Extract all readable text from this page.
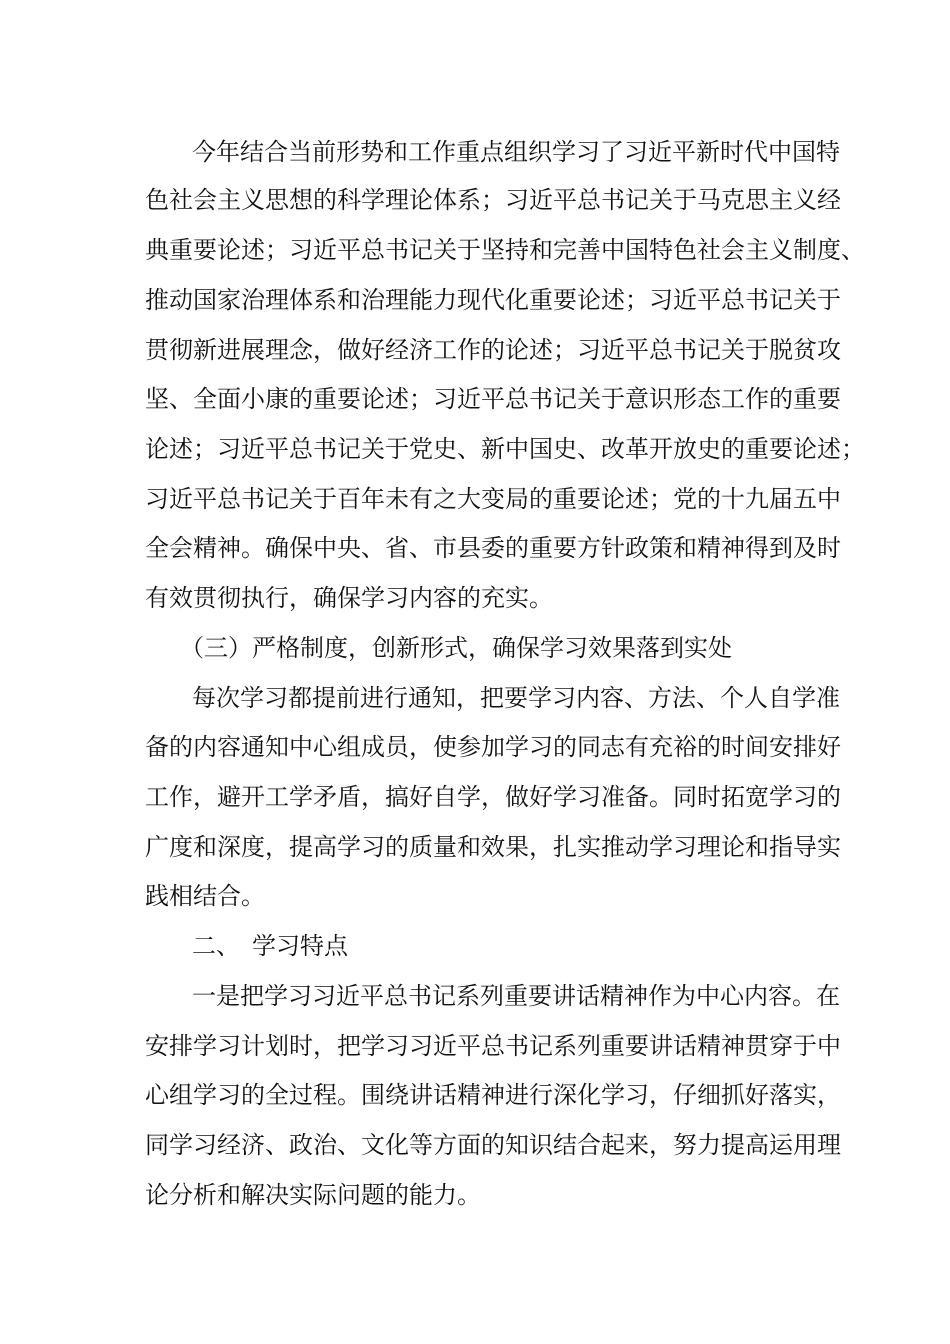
今年结合当前形势和工作重点组织学习了习近平新时代中国特
色社会主义思想的科学理论体系；习近平总书记关于马克思主义经
典重要论述；习近平总书记关于坚持和完善中国特色社会主义制度、
推动国家治理体系和治理能力现代化重要论述；习近平总书记关于
贯彻新进展理念，做好经济工作的论述；习近平总书记关于脱贫攻
坚、全面小康的重要论述；习近平总书记关于意识形态工作的重要
论述；习近平总书记关于党史、新中国史、改革开放史的重要论述；
习近平总书记关于百年未有之大变局的重要论述；党的十九届五中
全会精神。确保中央、省、市县委的重要方针政策和精神得到及时
有效贯彻执行，确保学习内容的充实。
（三）严格制度，创新形式，确保学习效果落到实处
每次学习都提前进行通知，把要学习内容、方法、个人自学准
备的内容通知中心组成员，使参加学习的同志有充裕的时间安排好
工作，避开工学矛盾，搞好自学，做好学习准备。同时拓宽学习的
广度和深度，提高学习的质量和效果，扎实推动学习理论和指导实
践相结合。
二、　学习特点
一是把学习习近平总书记系列重要讲话精神作为中心内容。在
安排学习计划时，把学习习近平总书记系列重要讲话精神贯穿于中
心组学习的全过程。围绕讲话精神进行深化学习，仔细抓好落实，
同学习经济、政治、文化等方面的知识结合起来，努力提高运用理
论分析和解决实际问题的能力。
